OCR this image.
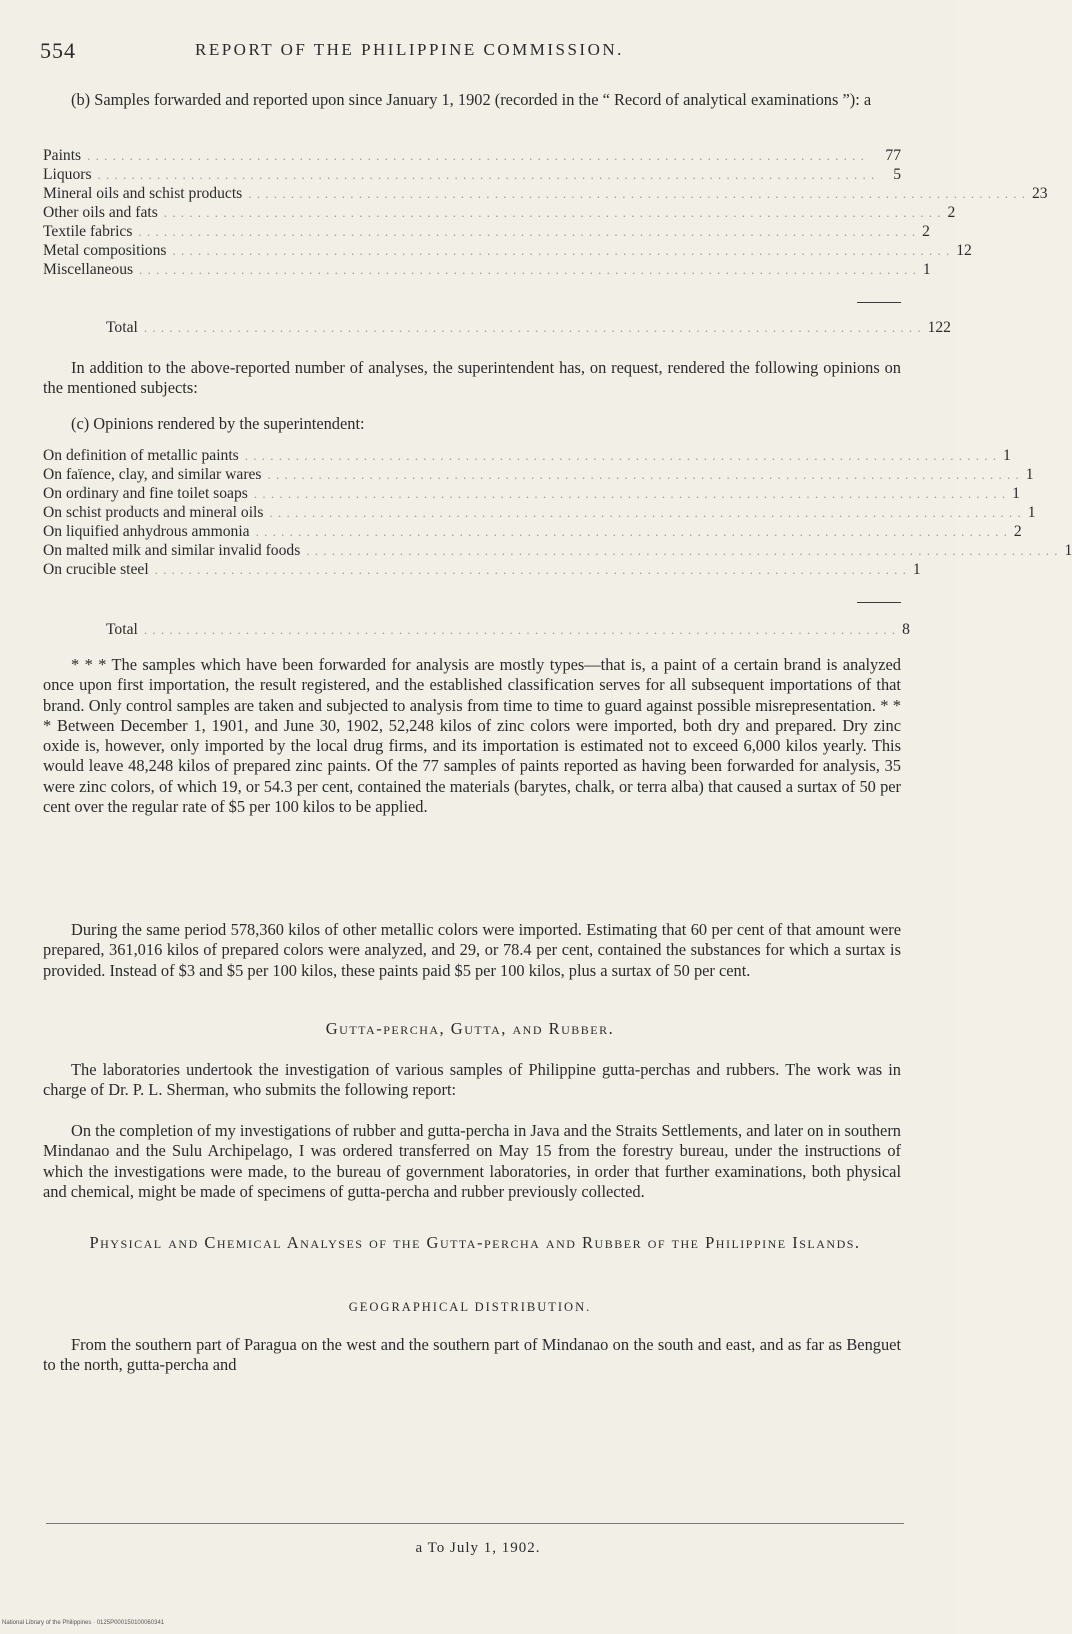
554	REPORT OF THE PHILIPPINE COMMISSION.
(b) Samples forwarded and reported upon since January 1, 1902 (recorded in the “ Record of analytical examinations ”): a
Paints . . . . . . . . . . . . . . . . . . . . . . . . . . . . . . . . . . . . . . . . . . . . . . . . . . . . . . . . . . . . . . . . . . . . . . . . . . . . . . . . . . . . . . . . . . . .	77
Liquors . . . . . . . . . . . . . . . . . . . . . . . . . . . . . . . . . . . . . . . . . . . . . . . . . . . . . . . . . . . . . . . . . . . . . . . . . . . . . . . . . . . . . . . . . . . .	5
Mineral oils and schist products . . . . . . . . . . . . . . . . . . . . . . . . . . . . . . . . . . . . . . . . . . . . . . . . . . . . . . . . . . . . . . . . . . . . . . . . . . . . . . . . . . . . . . . . . . . . 23
Other oils and fats . . . . . . . . . . . . . . . . . . . . . . . . . . . . . . . . . . . . . . . . . . . . . . . . . . . . . . . . . . . . . . . . . . . . . . . . . . . . . . . . . . . . . . . . . . . . 2
Textile fabrics . . . . . . . . . . . . . . . . . . . . . . . . . . . . . . . . . . . . . . . . . . . . . . . . . . . . . . . . . . . . . . . . . . . . . . . . . . . . . . . . . . . . . . . . . . . . 2
Metal compositions . . . . . . . . . . . . . . . . . . . . . . . . . . . . . . . . . . . . . . . . . . . . . . . . . . . . . . . . . . . . . . . . . . . . . . . . . . . . . . . . . . . . . . . . . . . . 12
Miscellaneous . . . . . . . . . . . . . . . . . . . . . . . . . . . . . . . . . . . . . . . . . . . . . . . . . . . . . . . . . . . . . . . . . . . . . . . . . . . . . . . . . . . . . . . . . . . . 1
Total . . . . . . . . . . . . . . . . . . . . . . . . . . . . . . . . . . . . . . . . . . . . . . . . . . . . . . . . . . . . . . . . . . . . . . . . . . . . . . . . . . . . . . . . . . . . 122
In addition to the above-reported number of analyses, the superintendent has, on request, rendered the following opinions on the mentioned subjects:
(c) Opinions rendered by the superintendent:
On definition of metallic paints . . . . . . . . . . . . . . . . . . . . . . . . . . . . . . . . . . . . . . . . . . . . . . . . . . . . . . . . . . . . . . . . . . . . . . . . . . . . . . . . . . . . . . . . . 1
On faïence, clay, and similar wares . . . . . . . . . . . . . . . . . . . . . . . . . . . . . . . . . . . . . . . . . . . . . . . . . . . . . . . . . . . . . . . . . . . . . . . . . . . . . . . . . . . . . . . . . 1
On ordinary and fine toilet soaps . . . . . . . . . . . . . . . . . . . . . . . . . . . . . . . . . . . . . . . . . . . . . . . . . . . . . . . . . . . . . . . . . . . . . . . . . . . . . . . . . . . . . . . . . 1
On schist products and mineral oils . . . . . . . . . . . . . . . . . . . . . . . . . . . . . . . . . . . . . . . . . . . . . . . . . . . . . . . . . . . . . . . . . . . . . . . . . . . . . . . . . . . . . . . . . 1
On liquified anhydrous ammonia . . . . . . . . . . . . . . . . . . . . . . . . . . . . . . . . . . . . . . . . . . . . . . . . . . . . . . . . . . . . . . . . . . . . . . . . . . . . . . . . . . . . . . . . . 2
On malted milk and similar invalid foods . . . . . . . . . . . . . . . . . . . . . . . . . . . . . . . . . . . . . . . . . . . . . . . . . . . . . . . . . . . . . . . . . . . . . . . . . . . . . . . . . . . . . . . . . 1
On crucible steel . . . . . . . . . . . . . . . . . . . . . . . . . . . . . . . . . . . . . . . . . . . . . . . . . . . . . . . . . . . . . . . . . . . . . . . . . . . . . . . . . . . . . . . . . 1
Total . . . . . . . . . . . . . . . . . . . . . . . . . . . . . . . . . . . . . . . . . . . . . . . . . . . . . . . . . . . . . . . . . . . . . . . . . . . . . . . . . . . . . . . . . 8
* * * The samples which have been forwarded for analysis are mostly types—that is, a paint of a certain brand is analyzed once upon first importation, the result registered, and the established classification serves for all subsequent importations of that brand. Only control samples are taken and subjected to analysis from time to time to guard against possible misrepresentation. * * * Between December 1, 1901, and June 30, 1902, 52,248 kilos of zinc colors were imported, both dry and prepared. Dry zinc oxide is, however, only imported by the local drug firms, and its importation is estimated not to exceed 6,000 kilos yearly. This would leave 48,248 kilos of prepared zinc paints. Of the 77 samples of paints reported as having been forwarded for analysis, 35 were zinc colors, of which 19, or 54.3 per cent, contained the materials (barytes, chalk, or terra alba) that caused a surtax of 50 per cent over the regular rate of $5 per 100 kilos to be applied.
During the same period 578,360 kilos of other metallic colors were imported. Estimating that 60 per cent of that amount were prepared, 361,016 kilos of prepared colors were analyzed, and 29, or 78.4 per cent, contained the substances for which a surtax is provided. Instead of $3 and $5 per 100 kilos, these paints paid $5 per 100 kilos, plus a surtax of 50 per cent.
Gutta-percha, Gutta, and Rubber.
The laboratories undertook the investigation of various samples of Philippine gutta-perchas and rubbers. The work was in charge of Dr. P. L. Sherman, who submits the following report:
On the completion of my investigations of rubber and gutta-percha in Java and the Straits Settlements, and later on in southern Mindanao and the Sulu Archipelago, I was ordered transferred on May 15 from the forestry bureau, under the instructions of which the investigations were made, to the bureau of government laboratories, in order that further examinations, both physical and chemical, might be made of specimens of gutta-percha and rubber previously collected.
Physical and Chemical Analyses of the Gutta-percha and Rubber of the Philippine Islands.
GEOGRAPHICAL DISTRIBUTION.
From the southern part of Paragua on the west and the southern part of Mindanao on the south and east, and as far as Benguet to the north, gutta-percha and
a To July 1, 1902.
National Library of the Philippines · 0125P000150100060341
